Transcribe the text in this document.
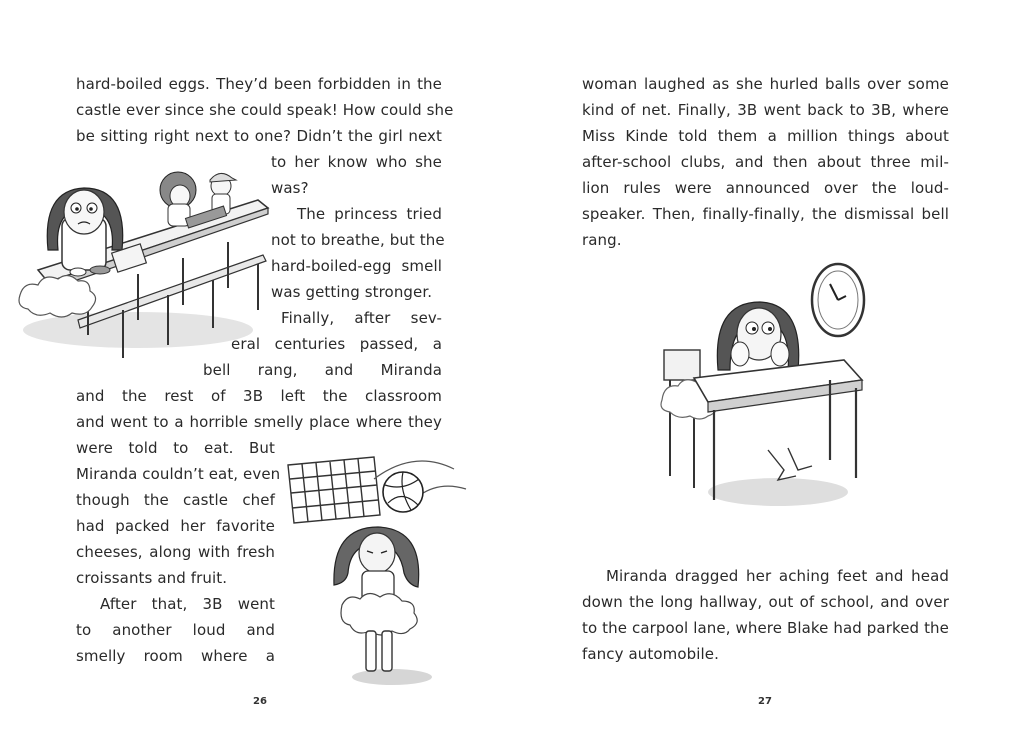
hard-boiled eggs. They’d been forbidden in the
castle ever since she could speak! How could she
be sitting right next to one? Didn’t the girl next
to her know who she
was?
The princess tried
not to breathe, but the
hard-boiled-egg smell
was getting stronger.
Finally, after sev-
eral centuries passed, a
bell rang, and Miranda
and the rest of 3B left the classroom
and went to a horrible smelly place where they
were told to eat. But
Miranda couldn’t eat, even
though the castle chef
had packed her favorite
cheeses, along with fresh
croissants and fruit.
After that, 3B went
to another loud and
smelly room where a
26
woman laughed as she hurled balls over some
kind of net. Finally, 3B went back to 3B, where
Miss Kinde told them a million things about
after-school clubs, and then about three mil-
lion rules were announced over the loud-
speaker. Then, finally-finally, the dismissal bell
rang.
Miranda dragged her aching feet and head
down the long hallway, out of school, and over
to the carpool lane, where Blake had parked the
fancy automobile.
27
